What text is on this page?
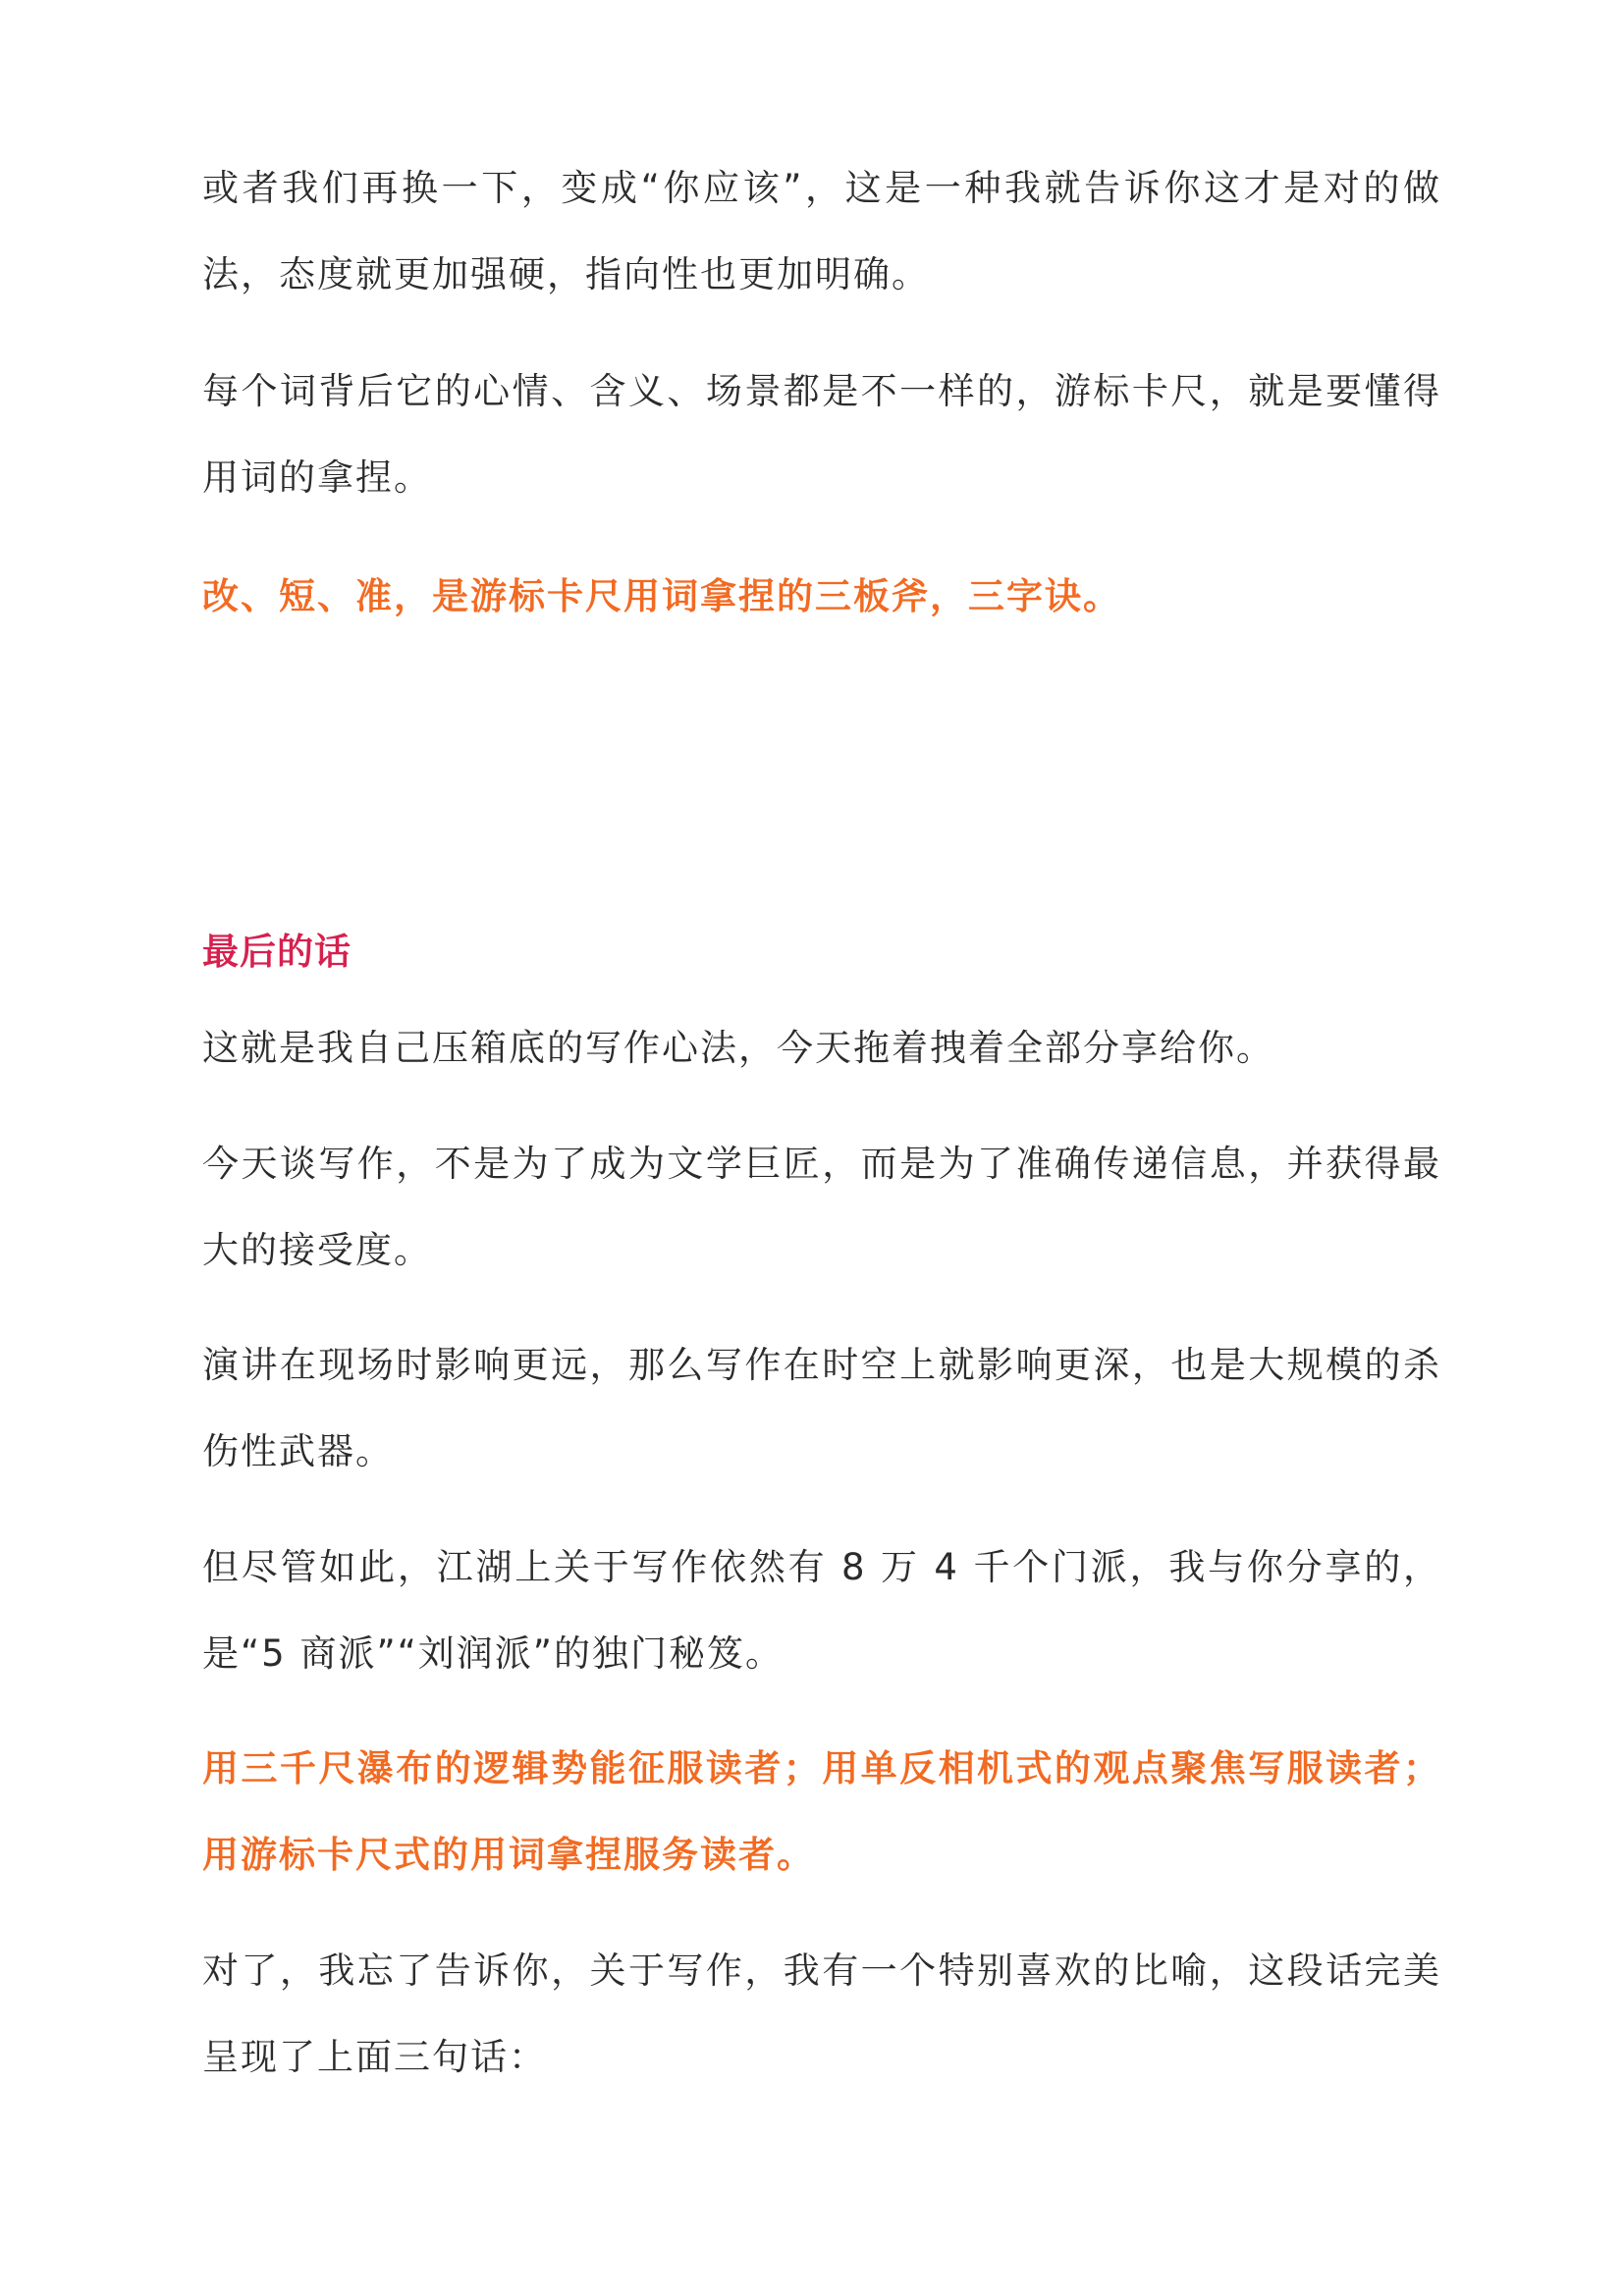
或者我们再换一下，变成“你应该”，这是一种我就告诉你这才是对的做法，态度就更加强硬，指向性也更加明确。

每个词背后它的心情、含义、场景都是不一样的，游标卡尺，就是要懂得用词的拿捏。

改、短、准，是游标卡尺用词拿捏的三板斧，三字诀。

最后的话

这就是我自己压箱底的写作心法，今天拖着拽着全部分享给你。

今天谈写作，不是为了成为文学巨匠，而是为了准确传递信息，并获得最大的接受度。

演讲在现场时影响更远，那么写作在时空上就影响更深，也是大规模的杀伤性武器。

但尽管如此，江湖上关于写作依然有 8 万 4 千个门派，我与你分享的，是“5 商派”“刘润派”的独门秘笈。

用三千尺瀑布的逻辑势能征服读者；用单反相机式的观点聚焦写服读者；用游标卡尺式的用词拿捏服务读者。

对了，我忘了告诉你，关于写作，我有一个特别喜欢的比喻，这段话完美呈现了上面三句话：
